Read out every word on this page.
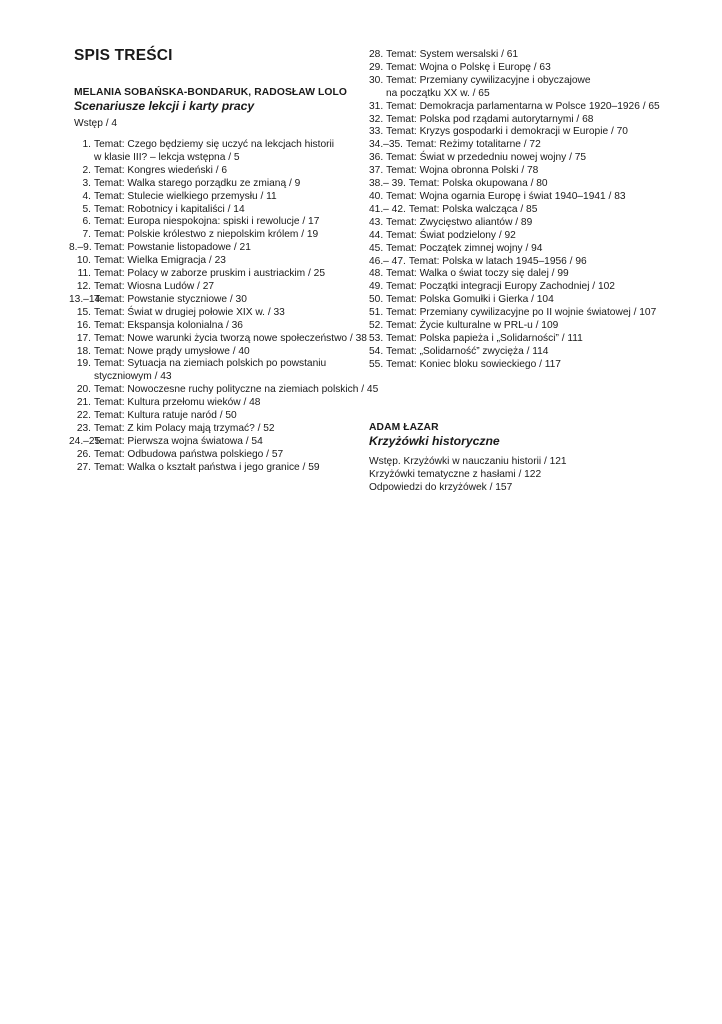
SPIS TREŚCI

MELANIA SOBAŃSKA-BONDARUK, RADOSŁAW LOLO

Scenariusze lekcji i karty pracy

Wstęp / 4

1. Temat: Czego będziemy się uczyć na lekcjach historii
w klasie III? – lekcja wstępna / 5
2. Temat: Kongres wiedeński / 6
3. Temat: Walka starego porządku ze zmianą / 9
4. Temat: Stulecie wielkiego przemysłu / 11
5. Temat: Robotnicy i kapitaliści / 14
6. Temat: Europa niespokojna: spiski i rewolucje / 17
7. Temat: Polskie królestwo z niepolskim królem / 19
8.–9. Temat: Powstanie listopadowe / 21
10. Temat: Wielka Emigracja / 23
11. Temat: Polacy w zaborze pruskim i austriackim / 25
12. Temat: Wiosna Ludów / 27
13.–14.Temat: Powstanie styczniowe / 30
15. Temat: Świat w drugiej połowie XIX w. / 33
16. Temat: Ekspansja kolonialna / 36
17. Temat: Nowe warunki życia tworzą nowe społeczeństwo / 38
18. Temat: Nowe prądy umysłowe / 40
19. Temat: Sytuacja na ziemiach polskich po powstaniu
styczniowym / 43
20. Temat: Nowoczesne ruchy polityczne na ziemiach polskich / 45
21. Temat: Kultura przełomu wieków / 48
22. Temat: Kultura ratuje naród / 50
23. Temat: Z kim Polacy mają trzymać? / 52
24.–25.Temat: Pierwsza wojna światowa / 54
26. Temat: Odbudowa państwa polskiego / 57
27. Temat: Walka o kształt państwa i jego granice / 59
28. Temat: System wersalski / 61
29. Temat: Wojna o Polskę i Europę / 63
30. Temat: Przemiany cywilizacyjne i obyczajowe
na początku XX w. / 65
31. Temat: Demokracja parlamentarna w Polsce 1920–1926 / 65
32. Temat: Polska pod rządami autorytarnymi / 68
33. Temat: Kryzys gospodarki i demokracji w Europie / 70
34.–35. Temat: Reżimy totalitarne / 72
36. Temat: Świat w przededniu nowej wojny / 75
37. Temat: Wojna obronna Polski / 78
38.– 39. Temat: Polska okupowana / 80
40. Temat: Wojna ogarnia Europę i świat 1940–1941 / 83
41.– 42. Temat: Polska walcząca / 85
43. Temat: Zwycięstwo aliantów / 89
44. Temat: Świat podzielony / 92
45. Temat: Początek zimnej wojny / 94
46.– 47. Temat: Polska w latach 1945–1956 / 96
48. Temat: Walka o świat toczy się dalej / 99
49. Temat: Początki integracji Europy Zachodniej / 102
50. Temat: Polska Gomułki i Gierka / 104
51. Temat: Przemiany cywilizacyjne po II wojnie światowej / 107
52. Temat: Życie kulturalne w PRL-u / 109
53. Temat: Polska papieża i „Solidarności” / 111
54. Temat: „Solidarność” zwycięża / 114
55. Temat: Koniec bloku sowieckiego / 117

ADAM ŁAZAR

Krzyżówki historyczne

Wstęp. Krzyżówki w nauczaniu historii / 121
Krzyżówki tematyczne z hasłami / 122
Odpowiedzi do krzyżówek / 157
